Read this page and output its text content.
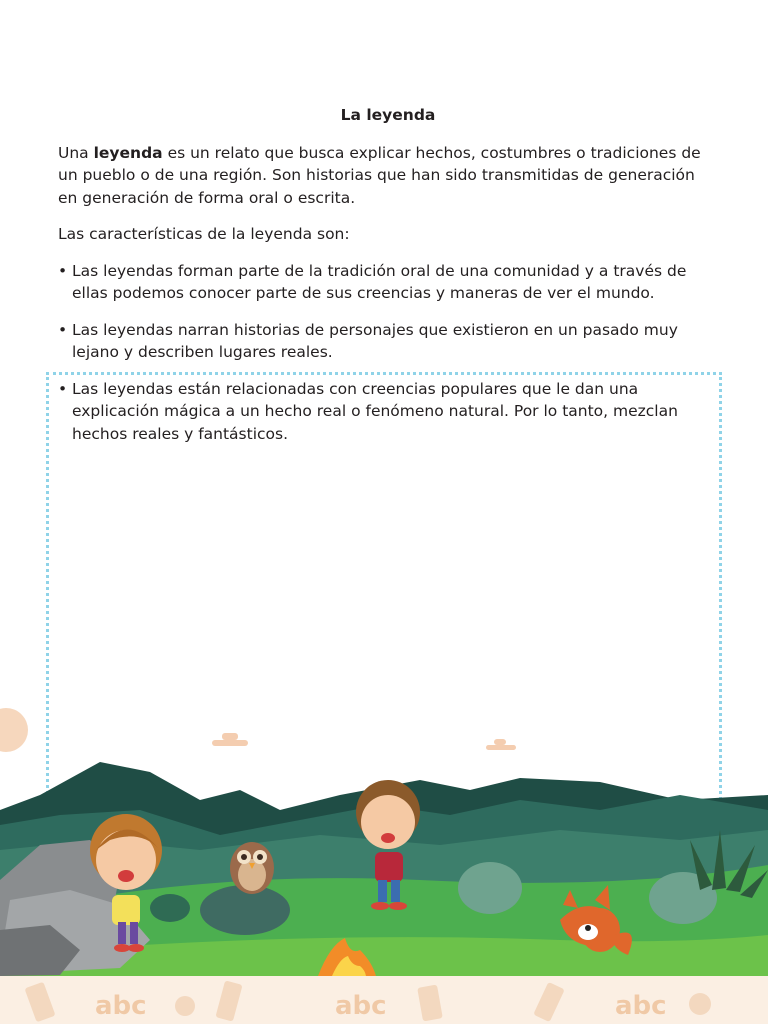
La leyenda

Una leyenda es un relato que busca explicar hechos, costumbres o tradiciones de un pueblo o de una región. Son historias que han sido transmitidas de generación en generación de forma oral o escrita.

Las características de la leyenda son:

• Las leyendas forman parte de la tradición oral de una comunidad y a través de ellas podemos conocer parte de sus creencias y maneras de ver el mundo.
• Las leyendas narran historias de personajes que existieron en un pasado muy lejano y describen lugares reales.
• Las leyendas están relacionadas con creencias populares que le dan una explicación mágica a un hecho real o fenómeno natural. Por lo tanto, mezclan hechos reales y fantásticos.
abc	abc	abc
